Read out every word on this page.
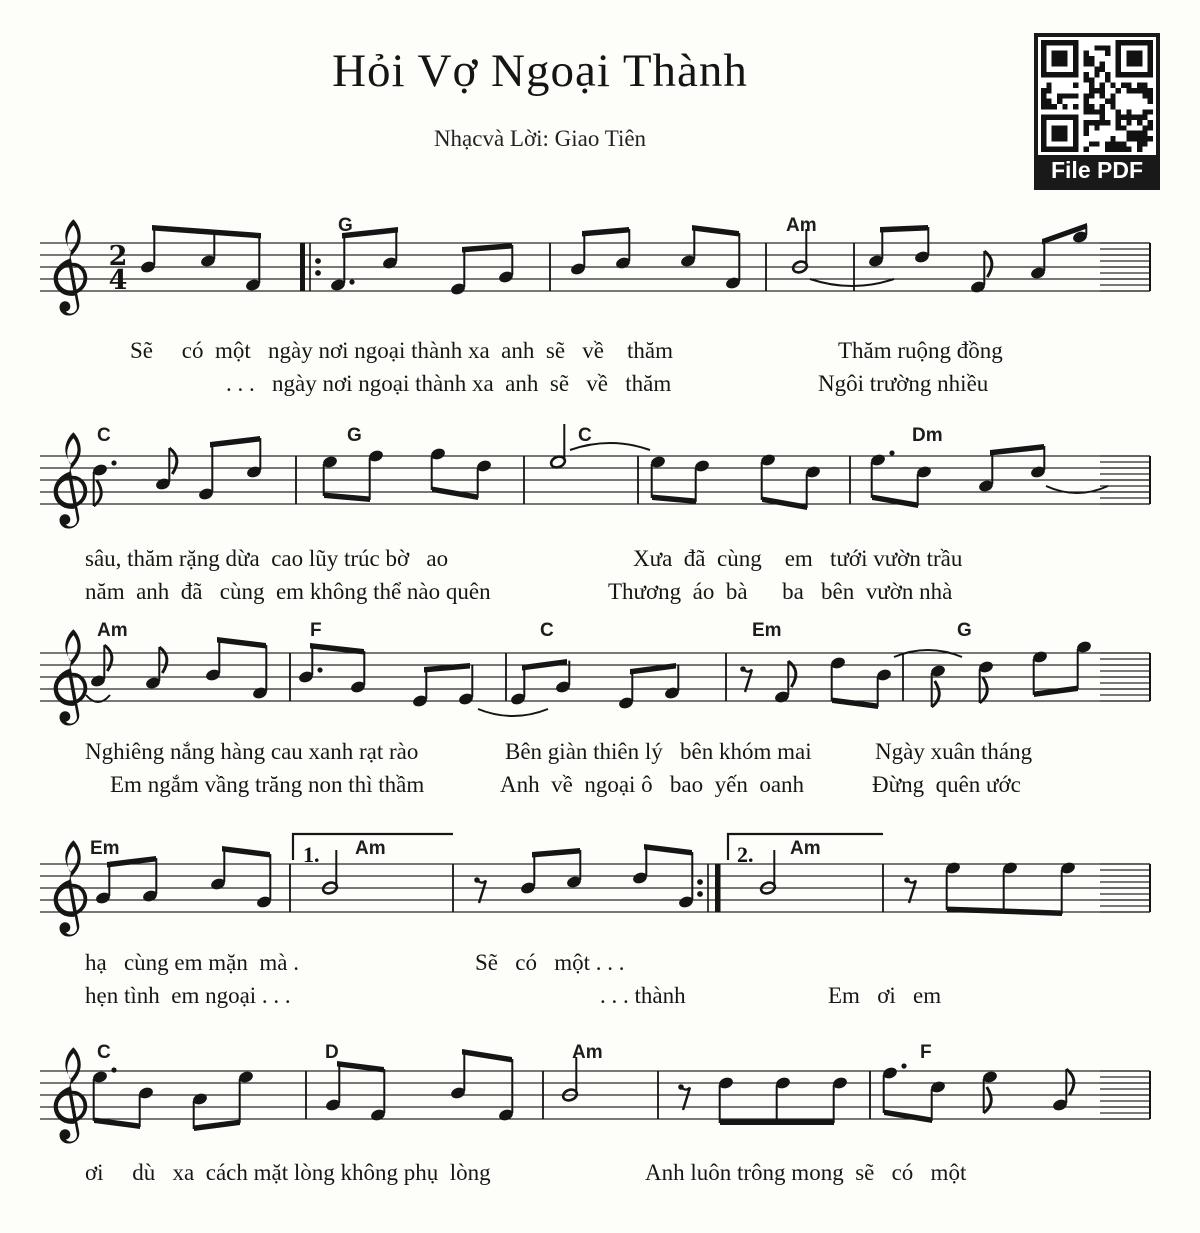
Hỏi Vợ Ngoại Thành
Nhạcvà Lời: Giao Tiên
File PDF
2
4
G	Am
Sẽ     có  một   ngày nơi ngoại thành xa  anh  sẽ   về    thăm	Thăm ruộng đồng
. . .   ngày nơi ngoại thành xa  anh  sẽ   về   thăm	Ngôi trường nhiều
C	G	C	Dm
sâu, thăm rặng dừa  cao lũy trúc bờ   ao	Xưa  đã  cùng    em   tưới vườn trầu
năm  anh  đã   cùng  em không thể nào quên	Thương  áo  bà      ba   bên  vườn nhà
Am	F	C	Em	G
Nghiêng nắng hàng cau xanh rạt rào	Bên giàn thiên lý   bên khóm mai	Ngày xuân tháng
Em ngắm vầng trăng non thì thầm	Anh  về  ngoại ô   bao  yến  oanh	Đừng  quên ước
Em	Am	Am
1.	2.
hạ   cùng em mặn  mà .	Sẽ   có   một . . .
hẹn tình  em ngoại . . .	. . . thành	Em   ơi   em
C	D	Am	F
ơi     dù   xa  cách mặt lòng không phụ  lòng	Anh luôn trông mong  sẽ   có   một
